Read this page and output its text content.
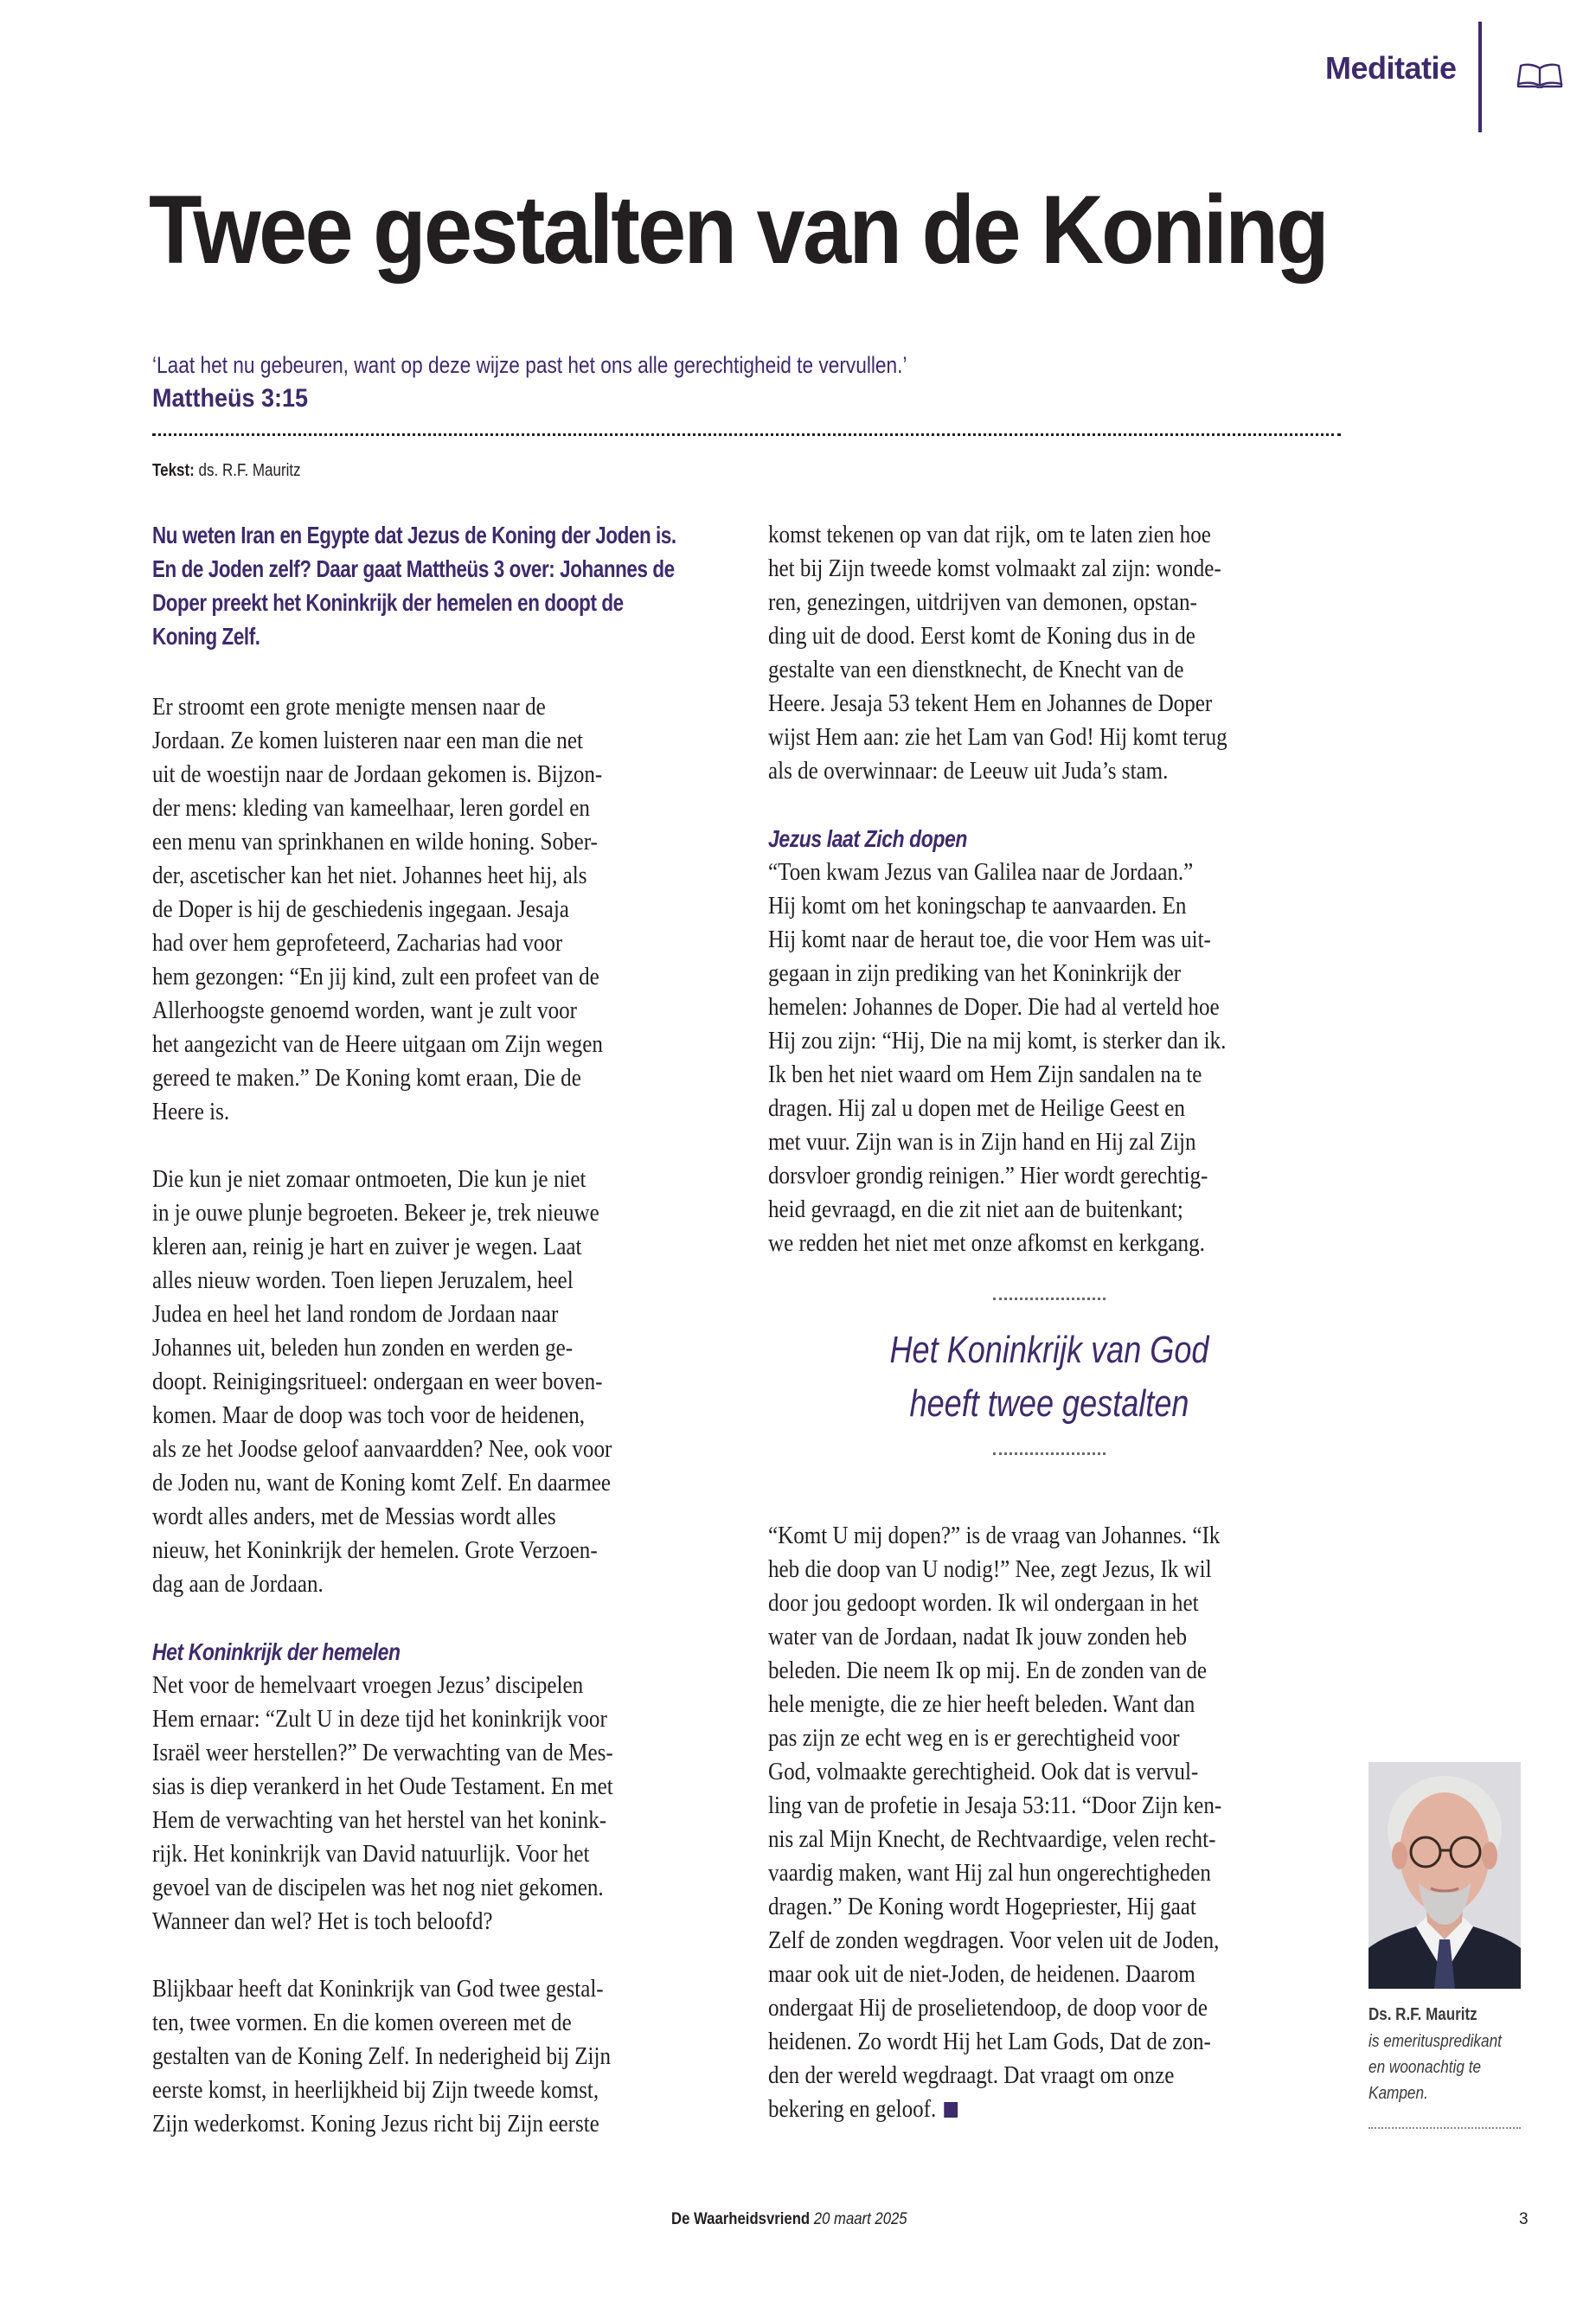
Meditatie
Twee gestalten van de Koning
‘Laat het nu gebeuren, want op deze wijze past het ons alle gerechtigheid te vervullen.’
Mattheüs 3:15
Tekst: ds. R.F. Mauritz

Nu weten Iran en Egypte dat Jezus de Koning der Joden is.
En de Joden zelf? Daar gaat Mattheüs 3 over: Johannes de
Doper preekt het Koninkrijk der hemelen en doopt de
Koning Zelf.

Er stroomt een grote menigte mensen naar de
Jordaan. Ze komen luisteren naar een man die net
uit de woestijn naar de Jordaan gekomen is. Bijzon-
der mens: kleding van kameelhaar, leren gordel en
een menu van sprinkhanen en wilde honing. Sober-
der, ascetischer kan het niet. Johannes heet hij, als
de Doper is hij de geschiedenis ingegaan. Jesaja
had over hem geprofeteerd, Zacharias had voor
hem gezongen: “En jij kind, zult een profeet van de
Allerhoogste genoemd worden, want je zult voor
het aangezicht van de Heere uitgaan om Zijn wegen
gereed te maken.” De Koning komt eraan, Die de
Heere is.

Die kun je niet zomaar ontmoeten, Die kun je niet
in je ouwe plunje begroeten. Bekeer je, trek nieuwe
kleren aan, reinig je hart en zuiver je wegen. Laat
alles nieuw worden. Toen liepen Jeruzalem, heel
Judea en heel het land rondom de Jordaan naar
Johannes uit, beleden hun zonden en werden ge-
doopt. Reinigingsritueel: ondergaan en weer boven-
komen. Maar de doop was toch voor de heidenen,
als ze het Joodse geloof aanvaardden? Nee, ook voor
de Joden nu, want de Koning komt Zelf. En daarmee
wordt alles anders, met de Messias wordt alles
nieuw, het Koninkrijk der hemelen. Grote Verzoen-
dag aan de Jordaan.

Het Koninkrijk der hemelen

Net voor de hemelvaart vroegen Jezus’ discipelen
Hem ernaar: “Zult U in deze tijd het koninkrijk voor
Israël weer herstellen?” De verwachting van de Mes-
sias is diep verankerd in het Oude Testament. En met
Hem de verwachting van het herstel van het konink-
rijk. Het koninkrijk van David natuurlijk. Voor het
gevoel van de discipelen was het nog niet gekomen.
Wanneer dan wel? Het is toch beloofd?

Blijkbaar heeft dat Koninkrijk van God twee gestal-
ten, twee vormen. En die komen overeen met de
gestalten van de Koning Zelf. In nederigheid bij Zijn
eerste komst, in heerlijkheid bij Zijn tweede komst,
Zijn wederkomst. Koning Jezus richt bij Zijn eerste

komst tekenen op van dat rijk, om te laten zien hoe
het bij Zijn tweede komst volmaakt zal zijn: wonde-
ren, genezingen, uitdrijven van demonen, opstan-
ding uit de dood. Eerst komt de Koning dus in de
gestalte van een dienstknecht, de Knecht van de
Heere. Jesaja 53 tekent Hem en Johannes de Doper
wijst Hem aan: zie het Lam van God! Hij komt terug
als de overwinnaar: de Leeuw uit Juda’s stam.

Jezus laat Zich dopen

“Toen kwam Jezus van Galilea naar de Jordaan.”
Hij komt om het koningschap te aanvaarden. En
Hij komt naar de heraut toe, die voor Hem was uit-
gegaan in zijn prediking van het Koninkrijk der
hemelen: Johannes de Doper. Die had al verteld hoe
Hij zou zijn: “Hij, Die na mij komt, is sterker dan ik.
Ik ben het niet waard om Hem Zijn sandalen na te
dragen. Hij zal u dopen met de Heilige Geest en
met vuur. Zijn wan is in Zijn hand en Hij zal Zijn
dorsvloer grondig reinigen.” Hier wordt gerechtig-
heid gevraagd, en die zit niet aan de buitenkant;
we redden het niet met onze afkomst en kerkgang.

Het Koninkrijk van God
heeft twee gestalten

“Komt U mij dopen?” is de vraag van Johannes. “Ik
heb die doop van U nodig!” Nee, zegt Jezus, Ik wil
door jou gedoopt worden. Ik wil ondergaan in het
water van de Jordaan, nadat Ik jouw zonden heb
beleden. Die neem Ik op mij. En de zonden van de
hele menigte, die ze hier heeft beleden. Want dan
pas zijn ze echt weg en is er gerechtigheid voor
God, volmaakte gerechtigheid. Ook dat is vervul-
ling van de profetie in Jesaja 53:11. “Door Zijn ken-
nis zal Mijn Knecht, de Rechtvaardige, velen recht-
vaardig maken, want Hij zal hun ongerechtigheden
dragen.” De Koning wordt Hogepriester, Hij gaat
Zelf de zonden wegdragen. Voor velen uit de Joden,
maar ook uit de niet-Joden, de heidenen. Daarom
ondergaat Hij de proselietendoop, de doop voor de
heidenen. Zo wordt Hij het Lam Gods, Dat de zon-
den der wereld wegdraagt. Dat vraagt om onze
bekering en geloof.

Ds. R.F. Mauritz
is emerituspredikant
en woonachtig te
Kampen.
De Waarheidsvriend 20 maart 2025	3
